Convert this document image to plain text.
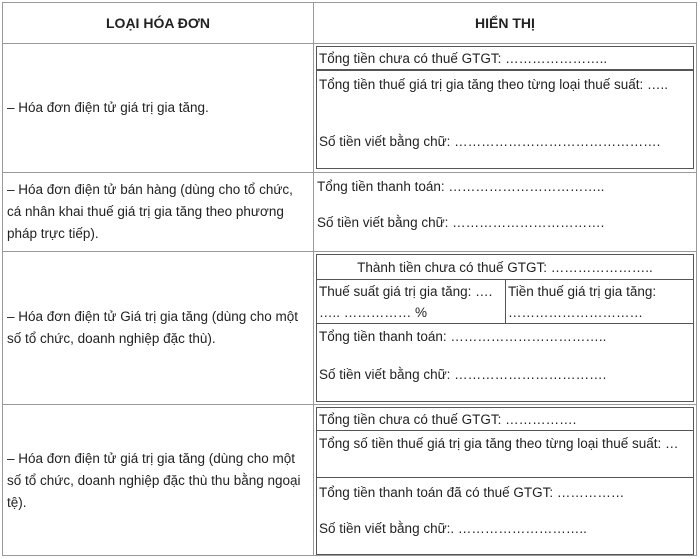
LOẠI HÓA ĐƠN	HIỂN THỊ
– Hóa đơn điện tử giá trị gia tăng.
Tổng tiền chưa có thuế GTGT: …………………..
Tổng tiền thuế giá trị gia tăng theo từng loại thuế suất: …..
Số tiền viết bằng chữ: ……………………………………….
– Hóa đơn điện tử bán hàng (dùng cho tổ chức, cá nhân khai thuế giá trị gia tăng theo phương pháp trực tiếp).
Tổng tiền thanh toán: ……………………………..
Số tiền viết bằng chữ: …………………………….
– Hóa đơn điện tử Giá trị gia tăng (dùng cho một số tổ chức, doanh nghiệp đặc thù).
Thành tiền chưa có thuế GTGT: …………………..
Thuế suất giá trị gia tăng: …. ….. …………… %
Tiền thuế giá trị gia tăng: …………………………
Tổng tiền thanh toán: ……………………………..
Số tiền viết bằng chữ: …………………………….
– Hóa đơn điện tử giá trị gia tăng (dùng cho một số tổ chức, doanh nghiệp đặc thù thu bằng ngoại tệ).
Tổng tiền chưa có thuế GTGT: …………….
Tổng số tiền thuế giá trị gia tăng theo từng loại thuế suất: …
Tổng tiền thanh toán đã có thuế GTGT: ……………
Số tiền viết bằng chữ:. ………………………..
